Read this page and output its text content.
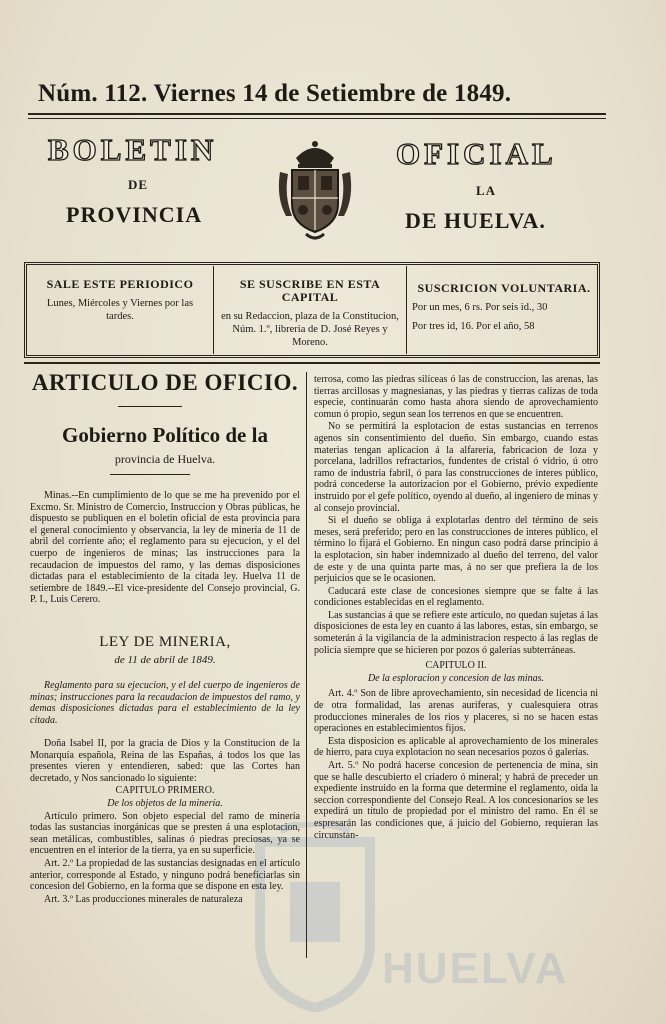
Núm. 112. Viernes 14 de Setiembre de 1849.
BOLETIN
DE
PROVINCIA
OFICIAL
LA
DE HUELVA.
SALE ESTE PERIODICO
Lunes, Miércoles y Viernes por las tardes.
SE SUSCRIBE EN ESTA CAPITAL
en su Redaccion, plaza de la Constitucion, Núm. 1.º, libreria de D. José Reyes y Moreno.
SUSCRICION VOLUNTARIA.
Por un mes, 6 rs. Por seis id., 30
Por tres id, 16. Por el año, 58
ARTICULO DE OFICIO.
Gobierno Político de la
provincia de Huelva.

Minas.--En cumplimiento de lo que se me ha prevenido por el Excmo. Sr. Ministro de Comercio, Instruccion y Obras públicas, he dispuesto se publiquen en el boletin oficial de esta provincia para el general conocimiento y observancia, la ley de minería de 11 de abril del corriente año; el reglamento para su ejecucion, y el del cuerpo de ingenieros de minas; las instrucciones para la recaudacion de impuestos del ramo, y las demas disposiciones dictadas para el establecimiento de la citada ley. Huelva 11 de setiembre de 1849.--El vice-presidente del Consejo provincial, G. P. I., Luis Cerero.

LEY DE MINERIA,
de 11 de abril de 1849.

Reglamento para su ejecucion, y el del cuerpo de ingenieros de minas; instrucciones para la recaudacion de impuestos del ramo, y demas disposiciones dictadas para el establecimiento de la ley citada.

Doña Isabel II, por la gracia de Dios y la Constitucion de la Monarquía española, Reina de las Españas, á todos los que las presentes vieren y entendieren, sabed: que las Cortes han decretado, y Nos sancionado lo siguiente:

CAPITULO PRIMERO.

De los objetos de la minería.

Artículo primero. Son objeto especial del ramo de minería todas las sustancias inorgánicas que se presten á una esplotacion, sean metálicas, combustibles, salinas ó piedras preciosas, ya se encuentren en el interior de la tierra, ya en su superficie.

Art. 2.º La propiedad de las sustancias designadas en el artículo anterior, corresponde al Estado, y ninguno podrá beneficiarlas sin concesion del Gobierno, en la forma que se dispone en esta ley.

Art. 3.º Las producciones minerales de naturaleza

terrosa, como las piedras silíceas ó las de construccion, las arenas, las tierras arcillosas y magnesianas, y las piedras y tierras calizas de toda especie, continuarán como hasta ahora siendo de aprovechamiento comun ó propio, segun sean los terrenos en que se encuentren.

No se permitirá la esplotacion de estas sustancias en terrenos agenos sin consentimiento del dueño. Sin embargo, cuando estas materias tengan aplicacion á la alfarería, fabricacion de loza y porcelana, ladrillos refractarios, fundentes de cristal ó vidrio, ú otro ramo de industria fabril, ó para las construcciones de interes público, podrá concederse la autorizacion por el Gobierno, prévio expediente instruido por el gefe político, oyendo al dueño, al ingeniero de minas y al consejo provincial.

Si el dueño se obliga á explotarlas dentro del término de seis meses, será preferido; pero en las construcciones de interes público, el término lo fijará el Gobierno. En ningun caso podrá darse principio á la esplotacion, sin haber indemnizado al dueño del terreno, del valor de este y de una quinta parte mas, á no ser que prefiera la de los perjuicios que se le ocasionen.

Caducará este clase de concesiones siempre que se falte á las condiciones establecidas en el reglamento.

Las sustancias á que se refiere este artículo, no quedan sujetas á las disposiciones de esta ley en cuanto á las labores, estas, sin embargo, se someterán á la vigilancia de la administracion respecto á las reglas de policía siempre que se hicieren por pozos ó galerías subterráneas.

CAPITULO II.

De la esploracion y concesion de las minas.

Art. 4.º Son de libre aprovechamiento, sin necesidad de licencia ni de otra formalidad, las arenas auríferas, y cualesquiera otras producciones minerales de los rios y placeres, si no se hacen estas operaciones en establecimientos fijos.

Esta disposicion es aplicable al aprovechamiento de los minerales de hierro, para cuya explotacion no sean necesarios pozos ó galerías.

Art. 5.º No podrá hacerse concesion de pertenencia de mina, sin que se halle descubierto el criadero ó mineral; y habrá de preceder un expediente instruido en la forma que determine el reglamento, oida la seccion correspondiente del Consejo Real. A los concesionarios se les expedirá un título de propiedad por el ministro del ramo. En él se espresarán las condiciones que, á juicio del Gobierno, requieran las circunstan-

HUELVA
